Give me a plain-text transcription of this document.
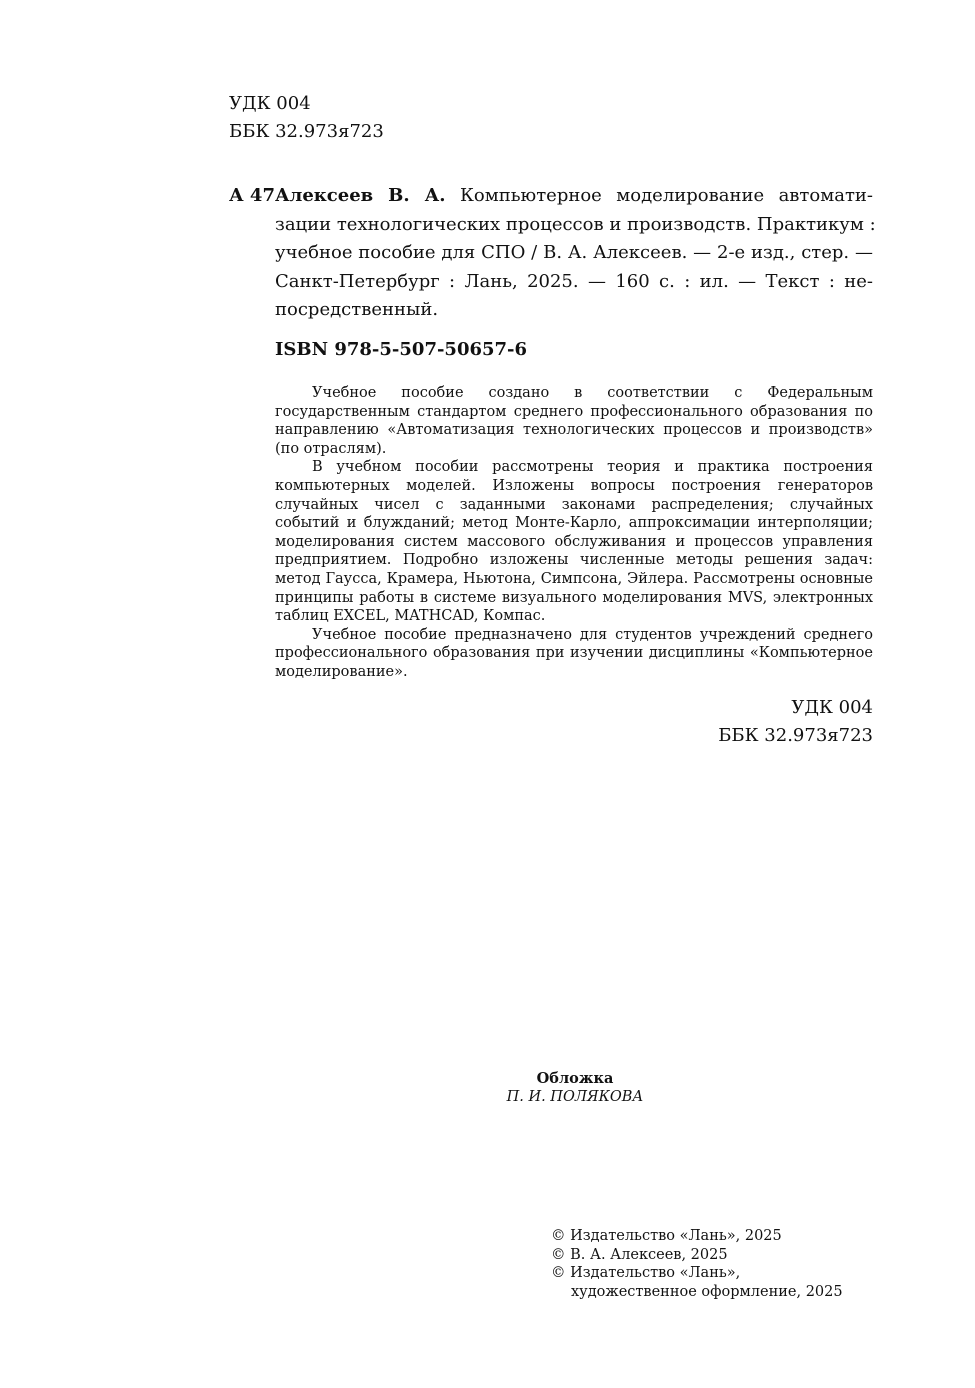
УДК 004
ББК 32.973я723
А 47 Алексеев В. А. Компьютерное моделирование автомати-
зации технологических процессов и производств. Практикум :
учебное пособие для СПО / В. А. Алексеев. — 2-е изд., стер. —
Санкт-Петербург : Лань, 2025. — 160 с. : ил. — Текст : не-
посредственный.
ISBN 978-5-507-50657-6

Учебное пособие создано в соответствии с Федеральным государственным стандартом среднего профессионального образования по направлению «Автоматизация технологических процессов и производств» (по отраслям).

В учебном пособии рассмотрены теория и практика построения компьютерных моделей. Изложены вопросы построения генераторов случайных чисел с заданными законами распределения; случайных событий и блужданий; метод Монте-Карло, аппроксимации интерполяции; моделирования систем массового обслуживания и процессов управления предприятием. Подробно изложены численные методы решения задач: метод Гаусса, Крамера, Ньютона, Симпсона, Эйлера. Рассмотрены основные принципы работы в системе визуального моделирования MVS, электронных таблиц EXCEL, MATHCAD, Компас.

Учебное пособие предназначено для студентов учреждений среднего профессионального образования при изучении дисциплины «Компьютерное моделирование».

УДК 004
ББК 32.973я723
Обложка
П. И. ПОЛЯКОВА
© Издательство «Лань», 2025
© В. А. Алексеев, 2025
© Издательство «Лань»,
художественное оформление, 2025
